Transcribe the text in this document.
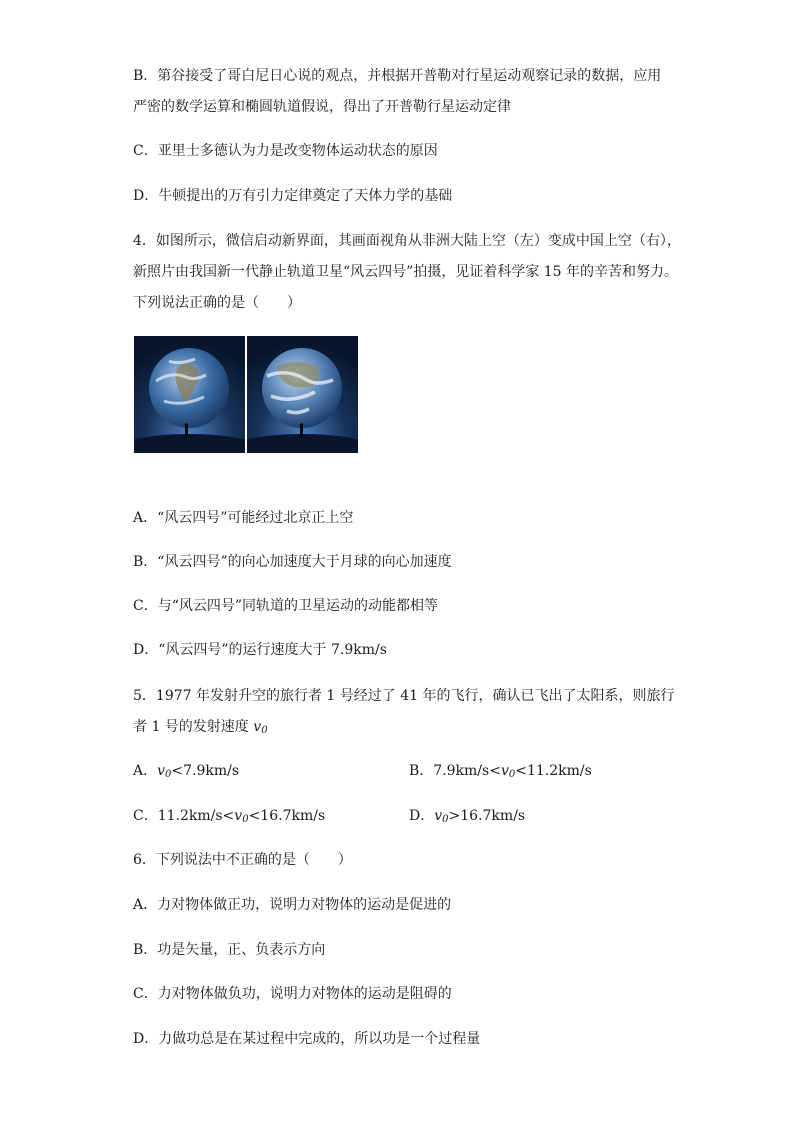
B．第谷接受了哥白尼日心说的观点，并根据开普勒对行星运动观察记录的数据，应用
严密的数学运算和椭圆轨道假说，得出了开普勒行星运动定律
C．亚里士多德认为力是改变物体运动状态的原因
D．牛顿提出的万有引力定律奠定了天体力学的基础
4．如图所示，微信启动新界面，其画面视角从非洲大陆上空（左）变成中国上空（右），
新照片由我国新一代静止轨道卫星“风云四号”拍摄，见证着科学家 15 年的辛苦和努力。
下列说法正确的是（　　）
A．“风云四号”可能经过北京正上空
B．“风云四号”的向心加速度大于月球的向心加速度
C．与“风云四号”同轨道的卫星运动的动能都相等
D．“风云四号”的运行速度大于 7.9km/s
5．1977 年发射升空的旅行者 1 号经过了 41 年的飞行，确认已飞出了太阳系，则旅行
者 1 号的发射速度 $v_0$
A．$v_0<7.9km/s$	B．$7.9km/s<v_0<11.2km/s$
C．$11.2km/s<v_0<16.7km/s$	D．$v_0>16.7km/s$
6．下列说法中不正确的是（　　）
A．力对物体做正功，说明力对物体的运动是促进的
B．功是矢量，正、负表示方向
C．力对物体做负功，说明力对物体的运动是阻碍的
D．力做功总是在某过程中完成的，所以功是一个过程量
